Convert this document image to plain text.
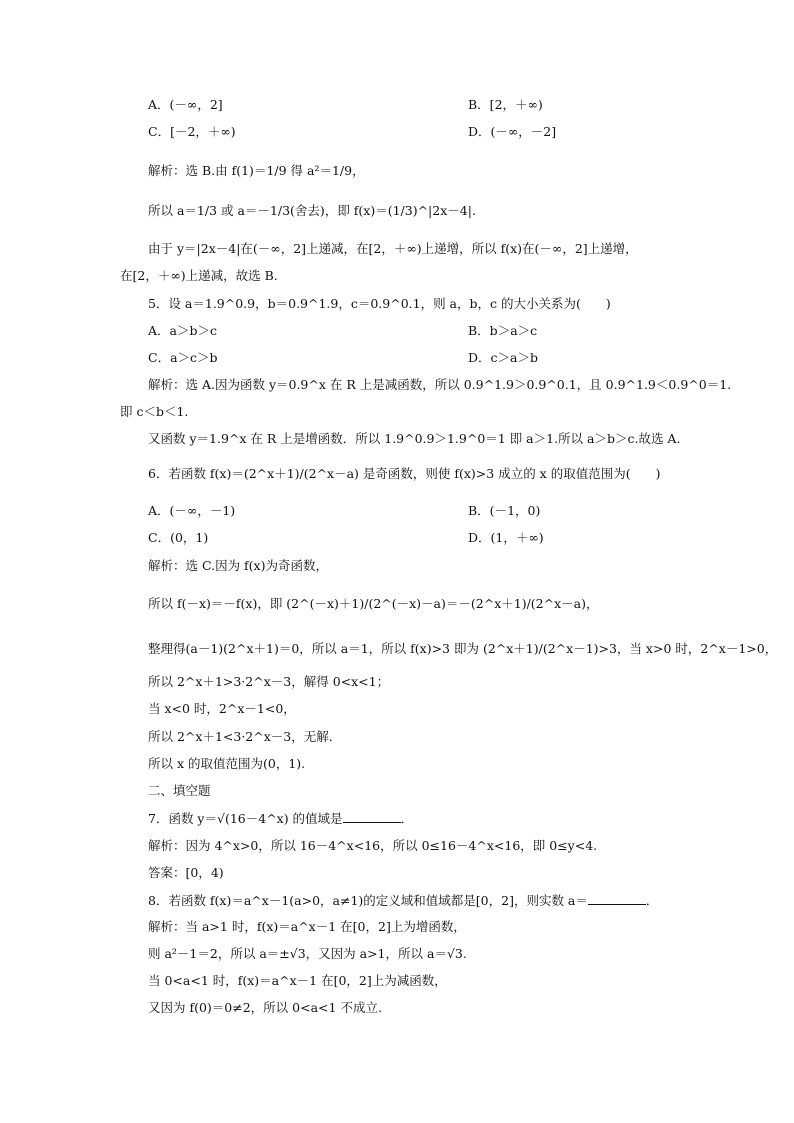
A．(－∞，2]	B．[2，＋∞)
C．[－2，＋∞)	D．(－∞，－2]
解析：选 B.由 f(1)＝1/9 得 a²＝1/9，
所以 a＝1/3 或 a＝－1/3(舍去)，即 f(x)＝(1/3)^|2x－4|.
由于 y＝|2x－4|在(－∞，2]上递减，在[2，＋∞)上递增，所以 f(x)在(－∞，2]上递增，
在[2，＋∞)上递减，故选 B.
5．设 a＝1.9^0.9，b＝0.9^1.9，c＝0.9^0.1，则 a，b，c 的大小关系为(　　)
A．a＞b＞c	B．b＞a＞c
C．a＞c＞b	D．c＞a＞b
解析：选 A.因为函数 y＝0.9^x 在 R 上是减函数，所以 0.9^1.9＞0.9^0.1，且 0.9^1.9＜0.9^0＝1.
即 c＜b＜1.
又函数 y＝1.9^x 在 R 上是增函数．所以 1.9^0.9＞1.9^0＝1 即 a＞1.所以 a＞b＞c.故选 A.
6．若函数 f(x)＝(2^x＋1)/(2^x－a) 是奇函数，则使 f(x)>3 成立的 x 的取值范围为(　　)
A．(－∞，－1)	B．(－1，0)
C．(0，1)	D．(1，＋∞)
解析：选 C.因为 f(x)为奇函数，
所以 f(－x)＝－f(x)，即 (2^(－x)＋1)/(2^(－x)－a)＝－(2^x＋1)/(2^x－a)，
整理得(a－1)(2^x＋1)＝0，所以 a＝1，所以 f(x)>3 即为 (2^x＋1)/(2^x－1)>3，当 x>0 时，2^x－1>0，
所以 2^x＋1>3·2^x－3，解得 0<x<1；
当 x<0 时，2^x－1<0，
所以 2^x＋1<3·2^x－3，无解．
所以 x 的取值范围为(0，1).
二、填空题
7．函数 y＝√(16－4^x) 的值域是	．
解析：因为 4^x>0，所以 16－4^x<16，所以 0≤16－4^x<16，即 0≤y<4.
答案：[0，4)
8．若函数 f(x)＝a^x－1(a>0，a≠1)的定义域和值域都是[0，2]，则实数 a＝	．
解析：当 a>1 时，f(x)＝a^x－1 在[0，2]上为增函数，
则 a²－1＝2，所以 a＝±√3，又因为 a>1，所以 a＝√3.
当 0<a<1 时，f(x)＝a^x－1 在[0，2]上为减函数，
又因为 f(0)＝0≠2，所以 0<a<1 不成立.
